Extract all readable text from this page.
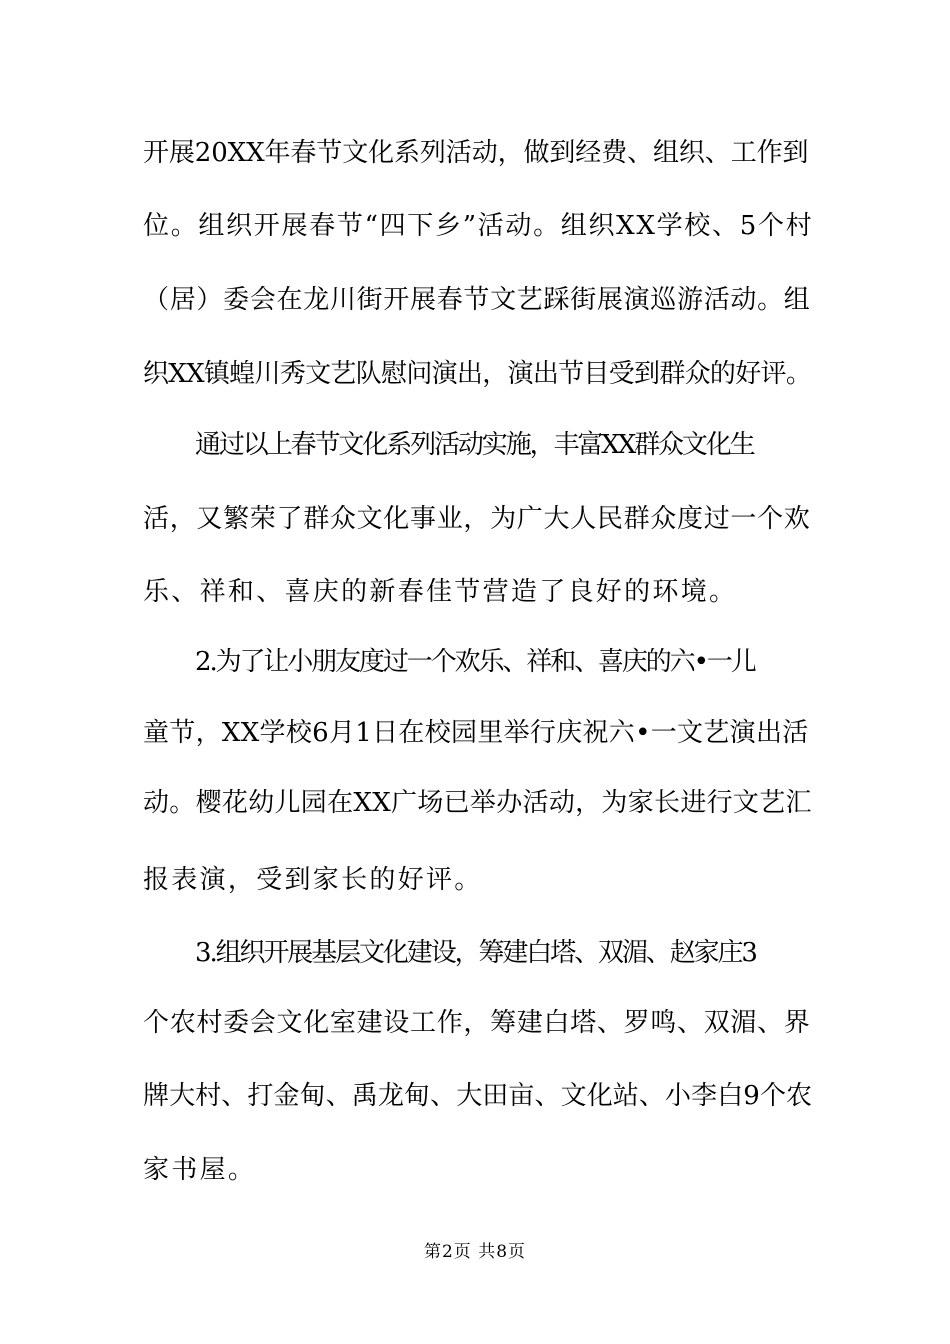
开展20XX年春节文化系列活动，做到经费、组织、工作到
位。组织开展春节“四下乡”活动。组织XX学校、5个村
（居）委会在龙川街开展春节文艺踩街展演巡游活动。组
织XX镇蝗川秀文艺队慰问演出，演出节目受到群众的好评。
通过以上春节文化系列活动实施，丰富XX群众文化生
活，又繁荣了群众文化事业，为广大人民群众度过一个欢
乐、祥和、喜庆的新春佳节营造了良好的环境。
2.为了让小朋友度过一个欢乐、祥和、喜庆的六•一儿
童节，XX学校6月1日在校园里举行庆祝六•一文艺演出活
动。樱花幼儿园在XX广场已举办活动，为家长进行文艺汇
报表演，受到家长的好评。
3.组织开展基层文化建设，筹建白塔、双湄、赵家庄3
个农村委会文化室建设工作，筹建白塔、罗鸣、双湄、界
牌大村、打金甸、禹龙甸、大田亩、文化站、小李白9个农
家书屋。
第2页 共8页
